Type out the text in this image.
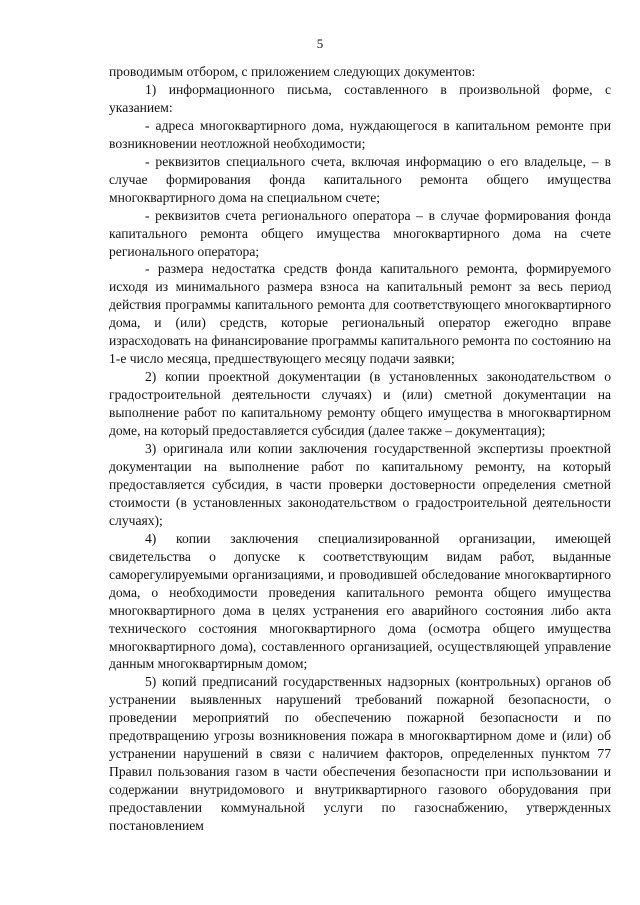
5

проводимым отбором, с приложением следующих документов:

1) информационного письма, составленного в произвольной форме, с указанием:

- адреса многоквартирного дома, нуждающегося в капитальном ремонте при возникновении неотложной необходимости;

- реквизитов специального счета, включая информацию о его владельце, – в случае формирования фонда капитального ремонта общего имущества многоквартирного дома на специальном счете;

- реквизитов счета регионального оператора – в случае формирования фонда капитального ремонта общего имущества многоквартирного дома на счете регионального оператора;

- размера недостатка средств фонда капитального ремонта, формируемого исходя из минимального размера взноса на капитальный ремонт за весь период действия программы капитального ремонта для соответствующего многоквартирного дома, и (или) средств, которые региональный оператор ежегодно вправе израсходовать на финансирование программы капитального ремонта по состоянию на 1-е число месяца, предшествующего месяцу подачи заявки;

2) копии проектной документации (в установленных законодательством о градостроительной деятельности случаях) и (или) сметной документации на выполнение работ по капитальному ремонту общего имущества в многоквартирном доме, на который предоставляется субсидия (далее также – документация);

3) оригинала или копии заключения государственной экспертизы проектной документации на выполнение работ по капитальному ремонту, на который предоставляется субсидия, в части проверки достоверности определения сметной стоимости (в установленных законодательством о градостроительной деятельности случаях);

4) копии заключения специализированной организации, имеющей свидетельства о допуске к соответствующим видам работ, выданные саморегулируемыми организациями, и проводившей обследование многоквартирного дома, о необходимости проведения капитального ремонта общего имущества многоквартирного дома в целях устранения его аварийного состояния либо акта технического состояния многоквартирного дома (осмотра общего имущества многоквартирного дома), составленного организацией, осуществляющей управление данным многоквартирным домом;

5) копий предписаний государственных надзорных (контрольных) органов об устранении выявленных нарушений требований пожарной безопасности, о проведении мероприятий по обеспечению пожарной безопасности и по предотвращению угрозы возникновения пожара в многоквартирном доме и (или) об устранении нарушений в связи с наличием факторов, определенных пунктом 77 Правил пользования газом в части обеспечения безопасности при использовании и содержании внутридомового и внутриквартирного газового оборудования при предоставлении коммунальной услуги по газоснабжению, утвержденных постановлением
